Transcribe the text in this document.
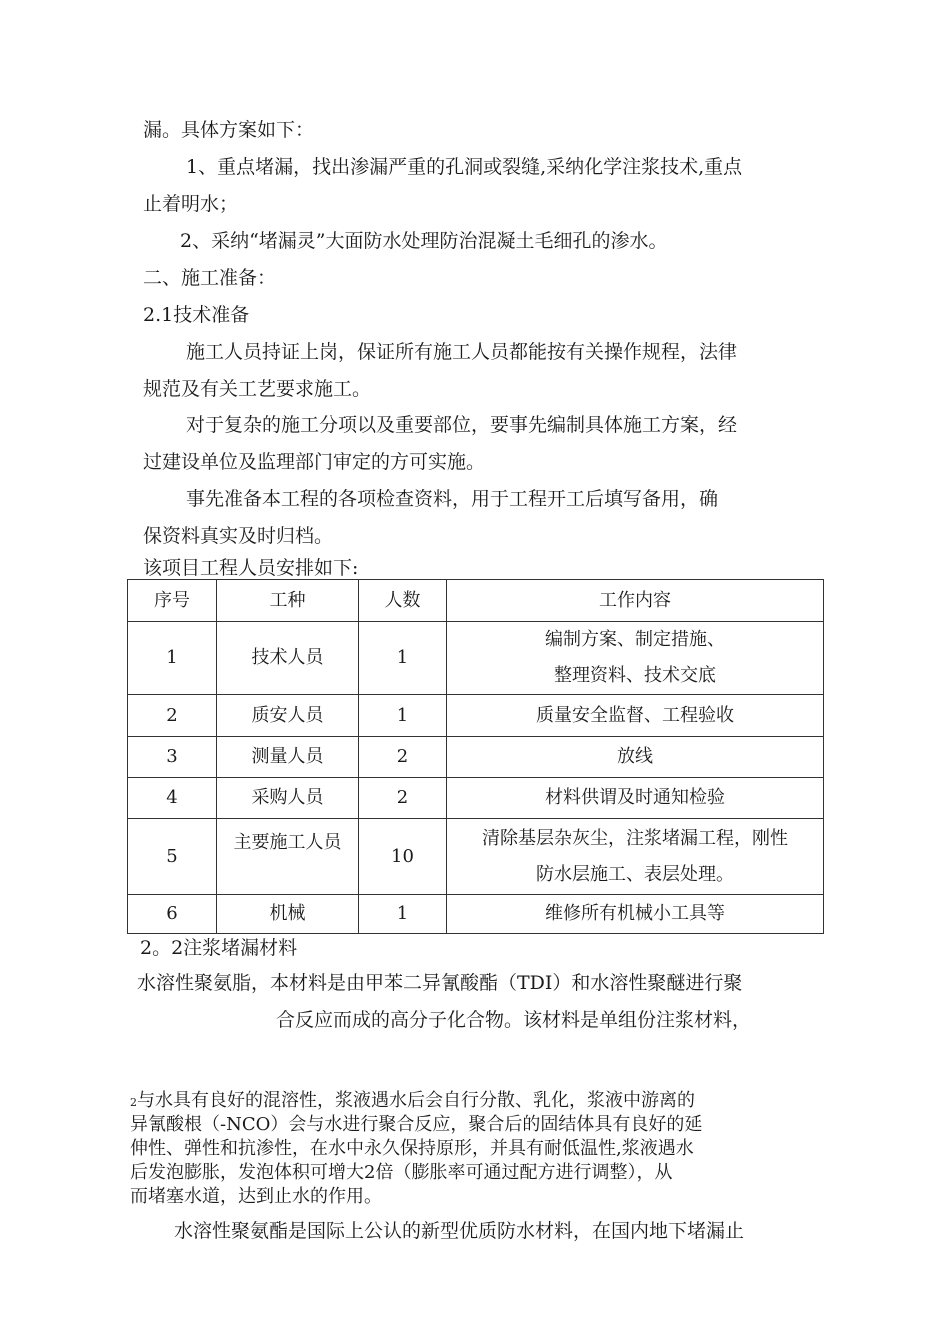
漏。具体方案如下：
1、重点堵漏，找出渗漏严重的孔洞或裂缝,采纳化学注浆技术,重点
止着明水；
2、采纳“堵漏灵”大面防水处理防治混凝土毛细孔的渗水。
二、施工准备：
2.1技术准备
施工人员持证上岗，保证所有施工人员都能按有关操作规程，法律
规范及有关工艺要求施工。
对于复杂的施工分项以及重要部位，要事先编制具体施工方案，经
过建设单位及监理部门审定的方可实施。
事先准备本工程的各项检查资料，用于工程开工后填写备用，确
保资料真实及时归档。
该项目工程人员安排如下:
序号	工种	人数	工作内容
1	技术人员	1	编制方案、制定措施、
整理资料、技术交底

2	质安人员	1	质量安全监督、工程验收
3	测量人员	2	放线
4	采购人员	2	材料供谓及时通知检验
5	主要施工人员	10	清除基层杂灰尘，注浆堵漏工程，刚性
防水层施工、表层处理。

6	机械	1	维修所有机械小工具等
2。2注浆堵漏材料
水溶性聚氨脂，本材料是由甲苯二异氰酸酯（TDI）和水溶性聚醚进行聚
合反应而成的高分子化合物。该材料是单组份注浆材料，
2与水具有良好的混溶性，浆液遇水后会自行分散、乳化，浆液中游离的
异氰酸根（-NCO）会与水进行聚合反应，聚合后的固结体具有良好的延
伸性、弹性和抗渗性，在水中永久保持原形，并具有耐低温性,浆液遇水
后发泡膨胀，发泡体积可增大2倍（膨胀率可通过配方进行调整），从
而堵塞水道，达到止水的作用。
水溶性聚氨酯是国际上公认的新型优质防水材料，在国内地下堵漏止
